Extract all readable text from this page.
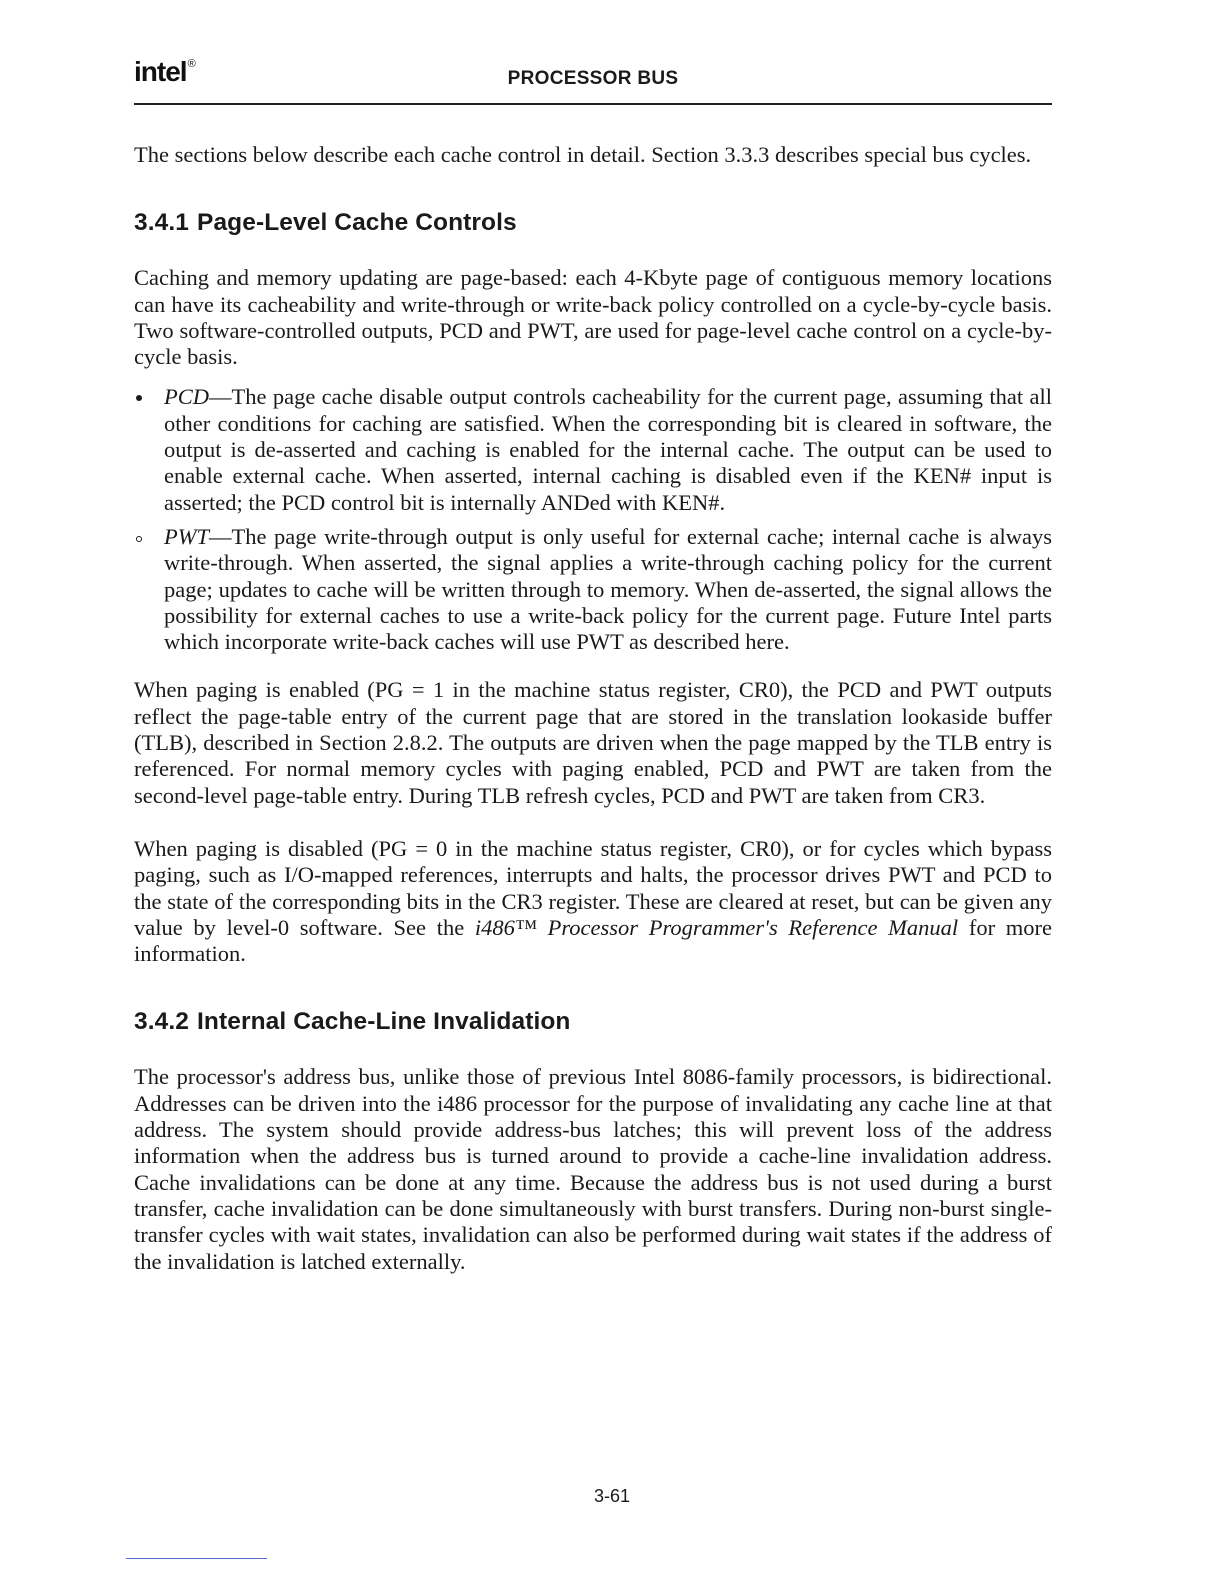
intel®
PROCESSOR BUS

The sections below describe each cache control in detail. Section 3.3.3 describes special bus cycles.

3.4.1 Page-Level Cache Controls

Caching and memory updating are page-based: each 4-Kbyte page of contiguous memory locations can have its cacheability and write-through or write-back policy controlled on a cycle-by-cycle basis. Two software-controlled outputs, PCD and PWT, are used for page-level cache control on a cycle-by-cycle basis.

PCD—The page cache disable output controls cacheability for the current page, assuming that all other conditions for caching are satisfied. When the corresponding bit is cleared in software, the output is de-asserted and caching is enabled for the internal cache. The output can be used to enable external cache. When asserted, internal caching is disabled even if the KEN# input is asserted; the PCD control bit is internally ANDed with KEN#.
PWT—The page write-through output is only useful for external cache; internal cache is always write-through. When asserted, the signal applies a write-through caching policy for the current page; updates to cache will be written through to memory. When de-asserted, the signal allows the possibility for external caches to use a write-back policy for the current page. Future Intel parts which incorporate write-back caches will use PWT as described here.

When paging is enabled (PG = 1 in the machine status register, CR0), the PCD and PWT outputs reflect the page-table entry of the current page that are stored in the translation lookaside buffer (TLB), described in Section 2.8.2. The outputs are driven when the page mapped by the TLB entry is referenced. For normal memory cycles with paging enabled, PCD and PWT are taken from the second-level page-table entry. During TLB refresh cycles, PCD and PWT are taken from CR3.

When paging is disabled (PG = 0 in the machine status register, CR0), or for cycles which bypass paging, such as I/O-mapped references, interrupts and halts, the processor drives PWT and PCD to the state of the corresponding bits in the CR3 register. These are cleared at reset, but can be given any value by level-0 software. See the i486™ Processor Programmer's Reference Manual for more information.

3.4.2 Internal Cache-Line Invalidation

The processor's address bus, unlike those of previous Intel 8086-family processors, is bidirectional. Addresses can be driven into the i486 processor for the purpose of invalidating any cache line at that address. The system should provide address-bus latches; this will prevent loss of the address information when the address bus is turned around to provide a cache-line invalidation address. Cache invalidations can be done at any time. Because the address bus is not used during a burst transfer, cache invalidation can be done simultaneously with burst transfers. During non-burst single-transfer cycles with wait states, invalidation can also be performed during wait states if the address of the invalidation is latched externally.

3-61
